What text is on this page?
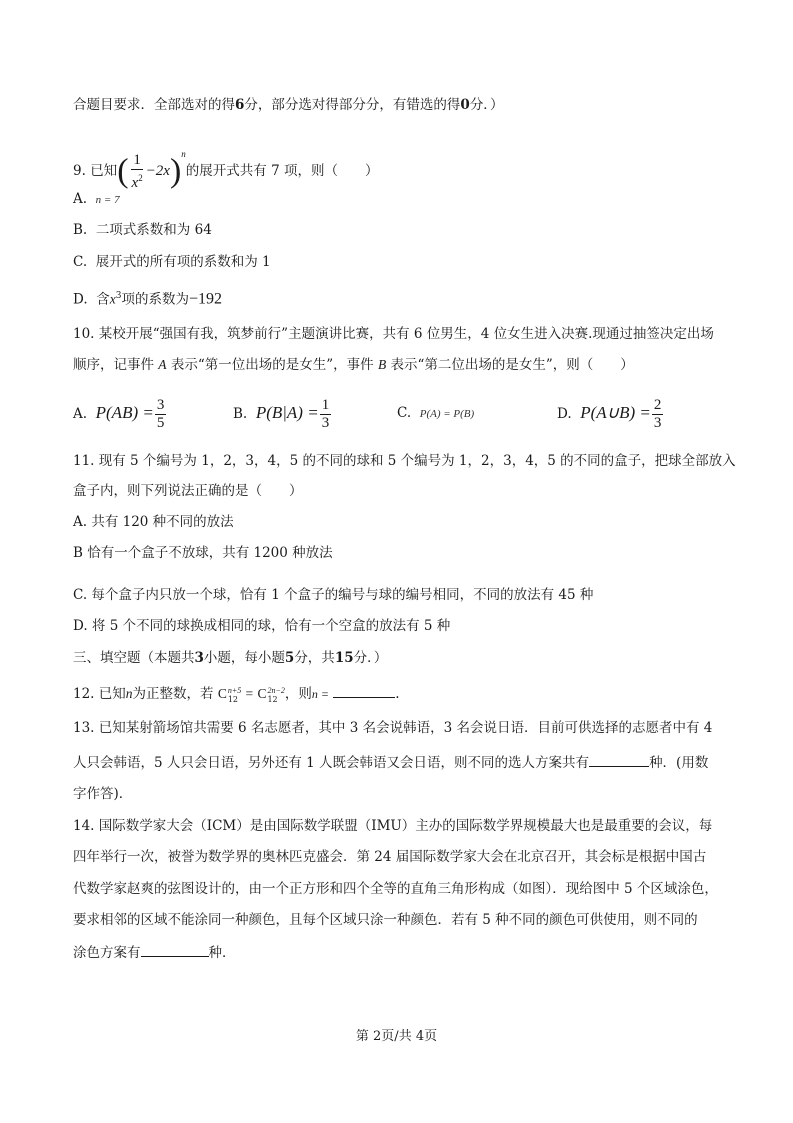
合题目要求．全部选对的得6分，部分选对得部分分，有错选的得0分．）
9. 已知( $\frac{1}{x^2} -2x)^n$的展开式共有 7 项，则（　　）
A. n = 7
B. 二项式系数和为 64
C. 展开式的所有项的系数和为 1
D. 含$x^3$项的系数为−192
10. 某校开展“强国有我，筑梦前行”主题演讲比赛，共有 6 位男生，4 位女生进入决赛.现通过抽签决定出场
顺序，记事件 A 表示“第一位出场的是女生”，事件 B 表示“第二位出场的是女生”，则（　　）
A. $P(AB) = \frac{3}{5}$	B. $P(B|A) = \frac{1}{3}$	C. P(A) = P(B)	D. P(A∪B) = $\frac{2}{3}$
11. 现有 5 个编号为 1，2，3，4，5 的不同的球和 5 个编号为 1，2，3，4，5 的不同的盒子，把球全部放入
盒子内，则下列说法正确的是（　　）
A. 共有 120 种不同的放法
B 恰有一个盒子不放球，共有 1200 种放法
C. 每个盒子内只放一个球，恰有 1 个盒子的编号与球的编号相同，不同的放法有 45 种
D. 将 5 个不同的球换成相同的球，恰有一个空盒的放法有 5 种
三、填空题（本题共3小题，每小题5分，共15分．）
12. 已知n为正整数，若 C n+5
12 = C 2n−2
12 ，则n =	.
13. 已知某射箭场馆共需要 6 名志愿者，其中 3 名会说韩语，3 名会说日语．目前可供选择的志愿者中有 4
人只会韩语，5 人只会日语，另外还有 1 人既会韩语又会日语，则不同的选人方案共有	种．(用数
字作答)．
14. 国际数学家大会（ICM）是由国际数学联盟（IMU）主办的国际数学界规模最大也是最重要的会议，每
四年举行一次，被誉为数学界的奥林匹克盛会．第 24 届国际数学家大会在北京召开，其会标是根据中国古
代数学家赵爽的弦图设计的，由一个正方形和四个全等的直角三角形构成（如图）．现给图中 5 个区域涂色，
要求相邻的区域不能涂同一种颜色，且每个区域只涂一种颜色．若有 5 种不同的颜色可供使用，则不同的
涂色方案有	种．
第 2页/共 4页
